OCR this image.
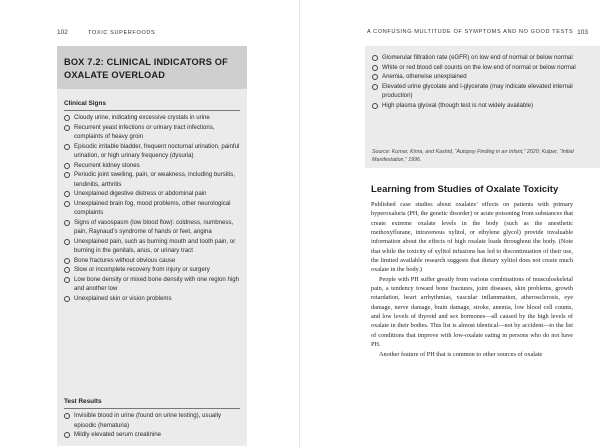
102	TOXIC SUPERFOODS
BOX 7.2: CLINICAL INDICATORS OF OXALATE OVERLOAD
Clinical Signs
Cloudy urine, indicating excessive crystals in urine
Recurrent yeast infections or urinary tract infections, complaints of heavy groin
Episodic irritable bladder, frequent nocturnal urination, painful urination, or high urinary frequency (dysuria)
Recurrent kidney stones
Periodic joint swelling, pain, or weakness, including bursitis, tendinitis, arthritis
Unexplained digestive distress or abdominal pain
Unexplained brain fog, mood problems, other neurological complaints
Signs of vasospasm (low blood flow): coldness, numbness, pain, Raynaud’s syndrome of hands or feet, angina
Unexplained pain, such as burning mouth and tooth pain, or burning in the genitals, anus, or urinary tract
Bone fractures without obvious cause
Slow or incomplete recovery from injury or surgery
Low bone density or mixed bone density with one region high and another low
Unexplained skin or vision problems
Test Results
Invisible blood in urine (found on urine testing), usually episodic (hematuria)
Mildly elevated serum creatinine
A CONFUSING MULTITUDE OF SYMPTOMS AND NO GOOD TESTS 103
Glomerular filtration rate (eGFR) on low end of normal or below normal
White or red blood cell counts on the low end of normal or below normal
Anemia, otherwise unexplained
Elevated urine glycolate and l-glycerate (may indicate elevated internal production)
High plasma glyoxal (though test is not widely available)
Source: Kumar, Kinra, and Kashid, “Autopsy Finding in an Infant,” 2020; Kulper, “Initial Manifestation,” 1996.
Learning from Studies of Oxalate Toxicity

Published case studies about oxalates’ effects on patients with primary hyperoxaluria (PH, the genetic disorder) or acute poisoning from substances that create extreme oxalate levels in the body (such as the anesthetic methoxyflurane, intravenous xylitol, or ethylene glycol) provide invaluable information about the effects of high oxalate loads throughout the body. (Note that while the toxicity of xylitol infusions has led to discontinuation of their use, the limited available research suggests that dietary xylitol does not create much oxalate in the body.)

People with PH suffer greatly from various combinations of musculoskeletal pain, a tendency toward bone fractures, joint diseases, skin problems, growth retardation, heart arrhythmias, vascular inflammation, atherosclerosis, eye damage, nerve damage, brain damage, stroke, anemia, low blood cell counts, and low levels of thyroid and sex hormones—all caused by the high levels of oxalate in their bodies. This list is almost identical—not by accident—to the list of conditions that improve with low-oxalate eating in persons who do not have PH.

Another feature of PH that is common to other sources of oxalate
